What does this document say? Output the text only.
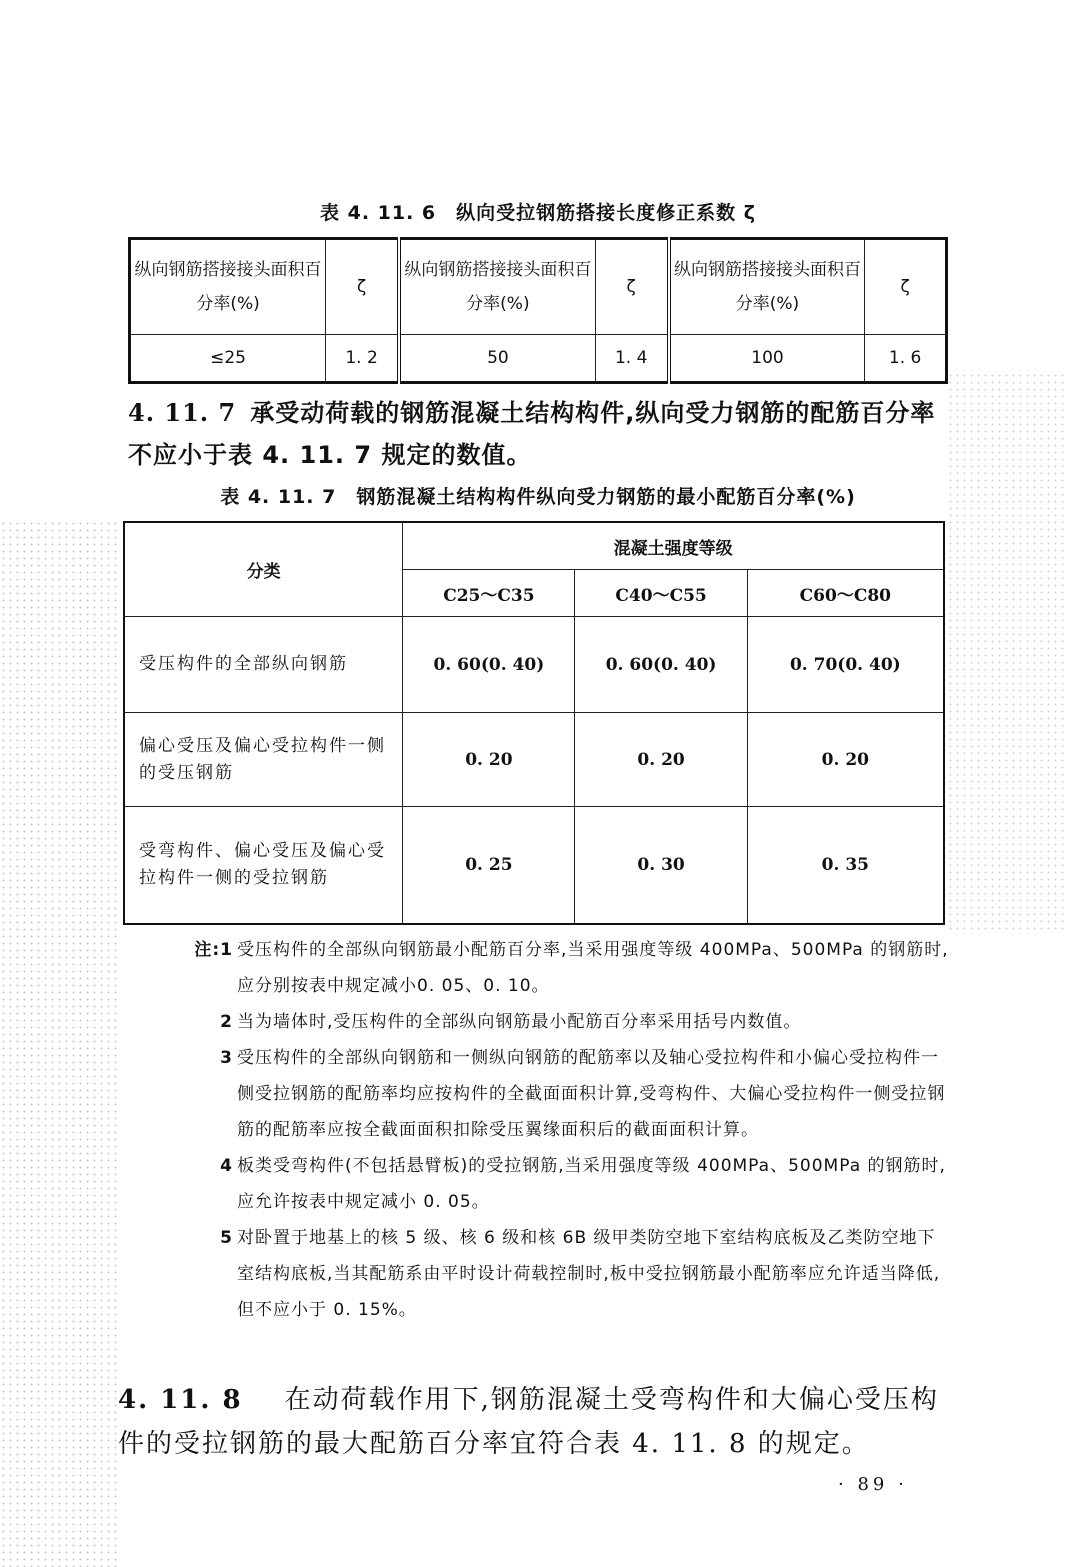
表 4. 11. 6　纵向受拉钢筋搭接长度修正系数 ζ
纵向钢筋搭接接头面积百分率(%)	ζ	纵向钢筋搭接接头面积百分率(%)	ζ	纵向钢筋搭接接头面积百分率(%)	ζ
≤25	1. 2	50	1. 4	100	1. 6
4. 11. 7 承受动荷载的钢筋混凝土结构构件,纵向受力钢筋的配筋百分率不应小于表 4. 11. 7 规定的数值。
表 4. 11. 7　钢筋混凝土结构构件纵向受力钢筋的最小配筋百分率(%)
分类	混凝土强度等级		
	C25～C35	C40～C55	C60～C80
受压构件的全部纵向钢筋	0. 60(0. 40)	0. 60(0. 40)	0. 70(0. 40)
偏心受压及偏心受拉构件一侧的受压钢筋	0. 20	0. 20	0. 20
受弯构件、偏心受压及偏心受拉构件一侧的受拉钢筋	0. 25	0. 30	0. 35
注:1 受压构件的全部纵向钢筋最小配筋百分率,当采用强度等级 400MPa、500MPa 的钢筋时,应分别按表中规定减小0. 05、0. 10。
2 当为墙体时,受压构件的全部纵向钢筋最小配筋百分率采用括号内数值。
3 受压构件的全部纵向钢筋和一侧纵向钢筋的配筋率以及轴心受拉构件和小偏心受拉构件一侧受拉钢筋的配筋率均应按构件的全截面面积计算,受弯构件、大偏心受拉构件一侧受拉钢筋的配筋率应按全截面面积扣除受压翼缘面积后的截面面积计算。
4 板类受弯构件(不包括悬臂板)的受拉钢筋,当采用强度等级 400MPa、500MPa 的钢筋时,应允许按表中规定减小 0. 05。
5 对卧置于地基上的核 5 级、核 6 级和核 6B 级甲类防空地下室结构底板及乙类防空地下室结构底板,当其配筋系由平时设计荷载控制时,板中受拉钢筋最小配筋率应允许适当降低,但不应小于 0. 15%。
4. 11. 8　 在动荷载作用下,钢筋混凝土受弯构件和大偏心受压构件的受拉钢筋的最大配筋百分率宜符合表 4. 11. 8 的规定。
· 89 ·
